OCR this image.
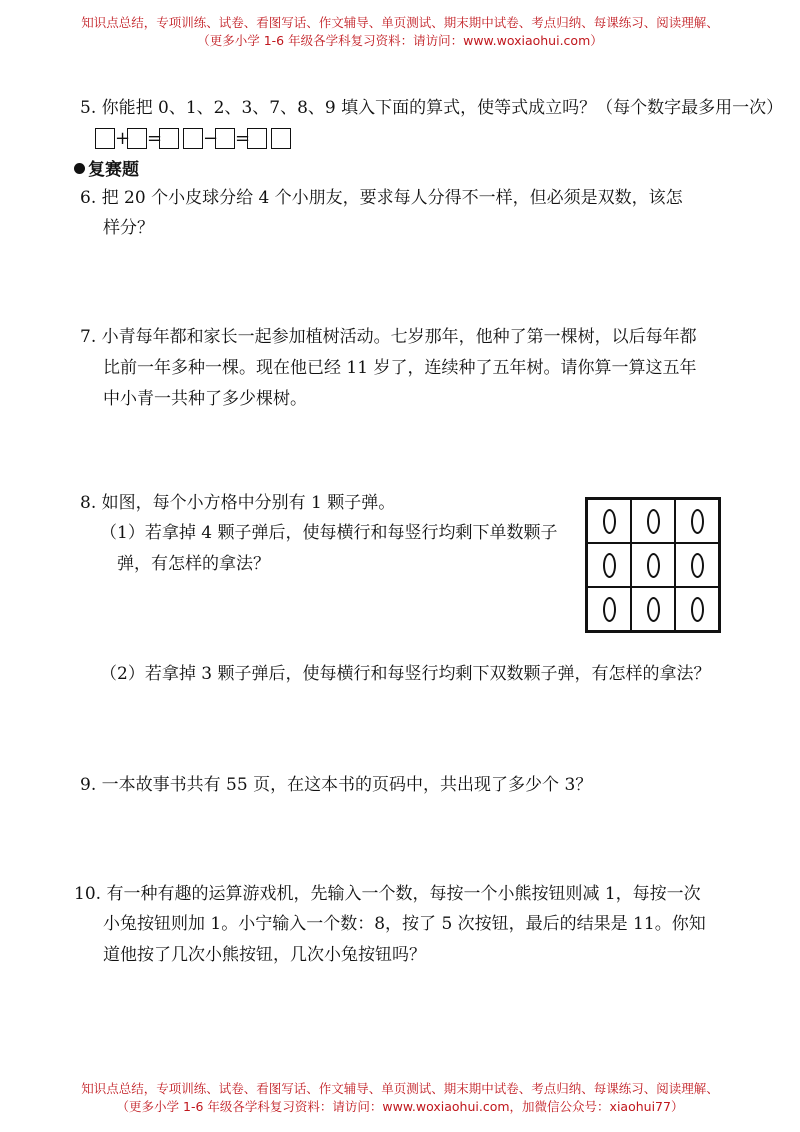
知识点总结，专项训练、试卷、看图写话、作文辅导、单页测试、期末期中试卷、考点归纳、每课练习、阅读理解、
（更多小学 1-6 年级各学科复习资料：请访问：www.woxiaohui.com）
5. 你能把 0、1、2、3、7、8、9 填入下面的算式，使等式成立吗？（每个数字最多用一次）
+ = − =
复赛题
6. 把 20 个小皮球分给 4 个小朋友，要求每人分得不一样，但必须是双数，该怎
样分？
7. 小青每年都和家长一起参加植树活动。七岁那年，他种了第一棵树，以后每年都
比前一年多种一棵。现在他已经 11 岁了，连续种了五年树。请你算一算这五年
中小青一共种了多少棵树。
8. 如图，每个小方格中分别有 1 颗子弹。
（1）若拿掉 4 颗子弹后，使每横行和每竖行均剩下单数颗子
弹，有怎样的拿法？
（2）若拿掉 3 颗子弹后，使每横行和每竖行均剩下双数颗子弹，有怎样的拿法？
9. 一本故事书共有 55 页，在这本书的页码中，共出现了多少个 3？
10. 有一种有趣的运算游戏机，先输入一个数，每按一个小熊按钮则减 1，每按一次
小兔按钮则加 1。小宁输入一个数：8，按了 5 次按钮，最后的结果是 11。你知
道他按了几次小熊按钮，几次小兔按钮吗？
知识点总结，专项训练、试卷、看图写话、作文辅导、单页测试、期末期中试卷、考点归纳、每课练习、阅读理解、
（更多小学 1-6 年级各学科复习资料：请访问：www.woxiaohui.com，加微信公众号：xiaohui77）
